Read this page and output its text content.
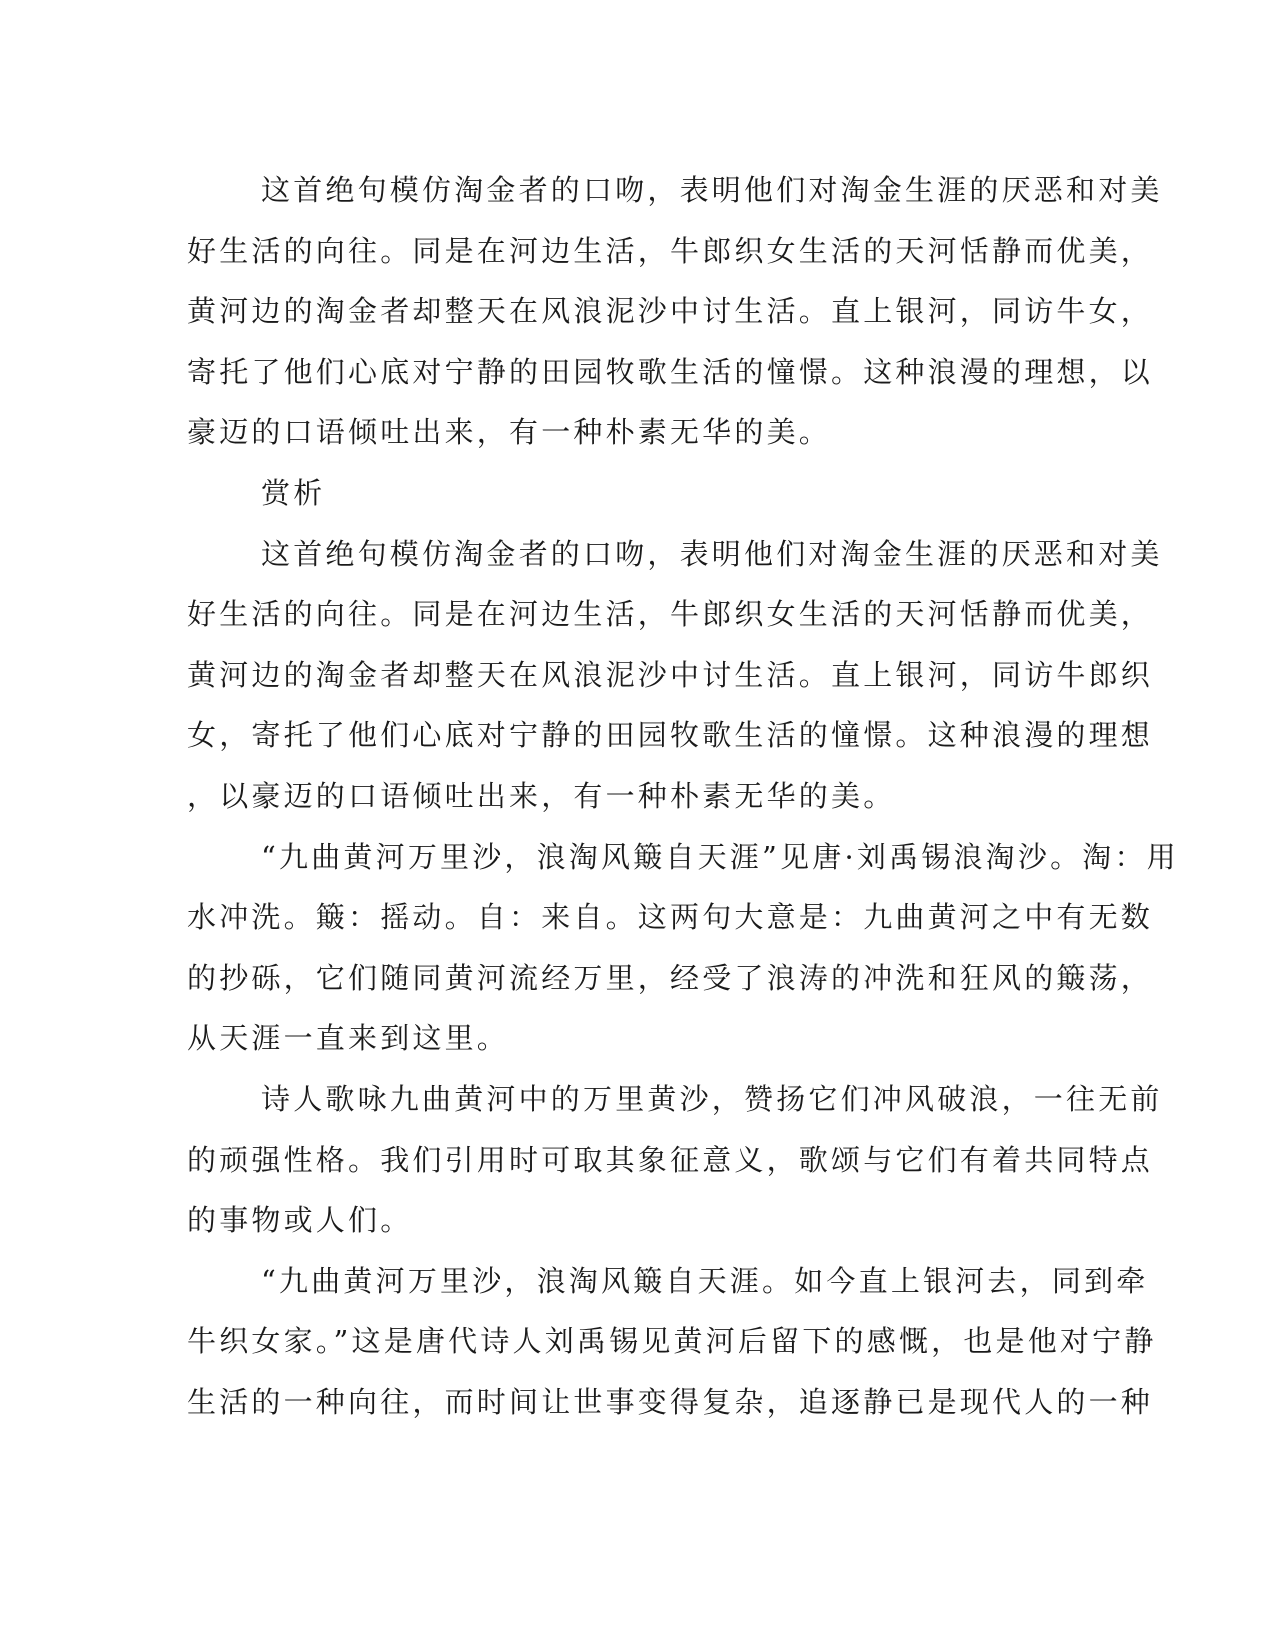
这首绝句模仿淘金者的口吻，表明他们对淘金生涯的厌恶和对美
好生活的向往。同是在河边生活，牛郎织女生活的天河恬静而优美，
黄河边的淘金者却整天在风浪泥沙中讨生活。直上银河，同访牛女，
寄托了他们心底对宁静的田园牧歌生活的憧憬。这种浪漫的理想，以
豪迈的口语倾吐出来，有一种朴素无华的美。
赏析
这首绝句模仿淘金者的口吻，表明他们对淘金生涯的厌恶和对美
好生活的向往。同是在河边生活，牛郎织女生活的天河恬静而优美，
黄河边的淘金者却整天在风浪泥沙中讨生活。直上银河，同访牛郎织
女，寄托了他们心底对宁静的田园牧歌生活的憧憬。这种浪漫的理想
，以豪迈的口语倾吐出来，有一种朴素无华的美。
“九曲黄河万里沙，浪淘风簸自天涯”见唐·刘禹锡浪淘沙。淘：用
水冲洗。簸：摇动。自：来自。这两句大意是：九曲黄河之中有无数
的抄砾，它们随同黄河流经万里，经受了浪涛的冲洗和狂风的簸荡，
从天涯一直来到这里。
诗人歌咏九曲黄河中的万里黄沙，赞扬它们冲风破浪，一往无前
的顽强性格。我们引用时可取其象征意义，歌颂与它们有着共同特点
的事物或人们。
“九曲黄河万里沙，浪淘风簸自天涯。如今直上银河去，同到牵
牛织女家。”这是唐代诗人刘禹锡见黄河后留下的感慨，也是他对宁静
生活的一种向往，而时间让世事变得复杂，追逐静已是现代人的一种
